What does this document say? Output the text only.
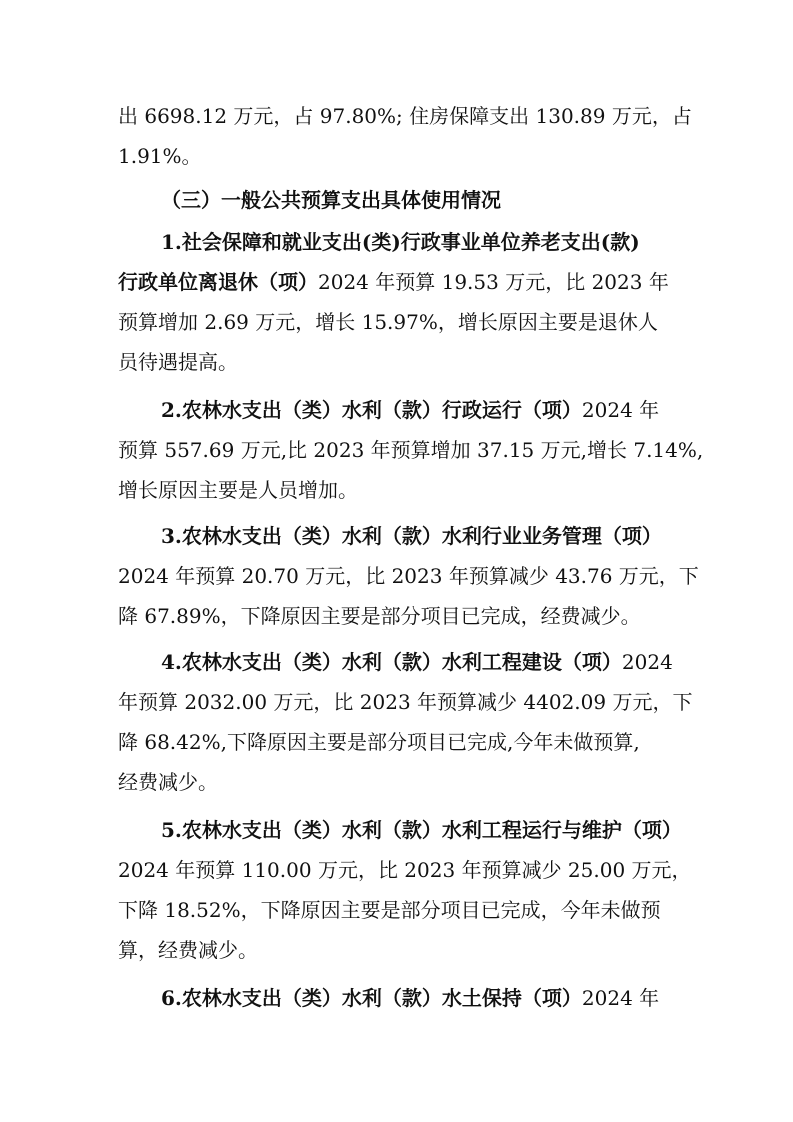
出 6698.12 万元，占 97.80%; 住房保障支出 130.89 万元，占
1.91%。
（三）一般公共预算支出具体使用情况
1.社会保障和就业支出(类)行政事业单位养老支出(款)
行政单位离退休（项）2024 年预算 19.53 万元，比 2023 年
预算增加 2.69 万元，增长 15.97%，增长原因主要是退休人
员待遇提高。
2.农林水支出（类）水利（款）行政运行（项）2024 年
预算 557.69 万元,比 2023 年预算增加 37.15 万元,增长 7.14%,
增长原因主要是人员增加。
3.农林水支出（类）水利（款）水利行业业务管理（项）
2024 年预算 20.70 万元，比 2023 年预算减少 43.76 万元，下
降 67.89%，下降原因主要是部分项目已完成，经费减少。
4.农林水支出（类）水利（款）水利工程建设（项）2024
年预算 2032.00 万元，比 2023 年预算减少 4402.09 万元，下
降 68.42%,下降原因主要是部分项目已完成,今年未做预算,
经费减少。
5.农林水支出（类）水利（款）水利工程运行与维护（项）
2024 年预算 110.00 万元，比 2023 年预算减少 25.00 万元，
下降 18.52%，下降原因主要是部分项目已完成，今年未做预
算，经费减少。
6.农林水支出（类）水利（款）水土保持（项）2024 年
